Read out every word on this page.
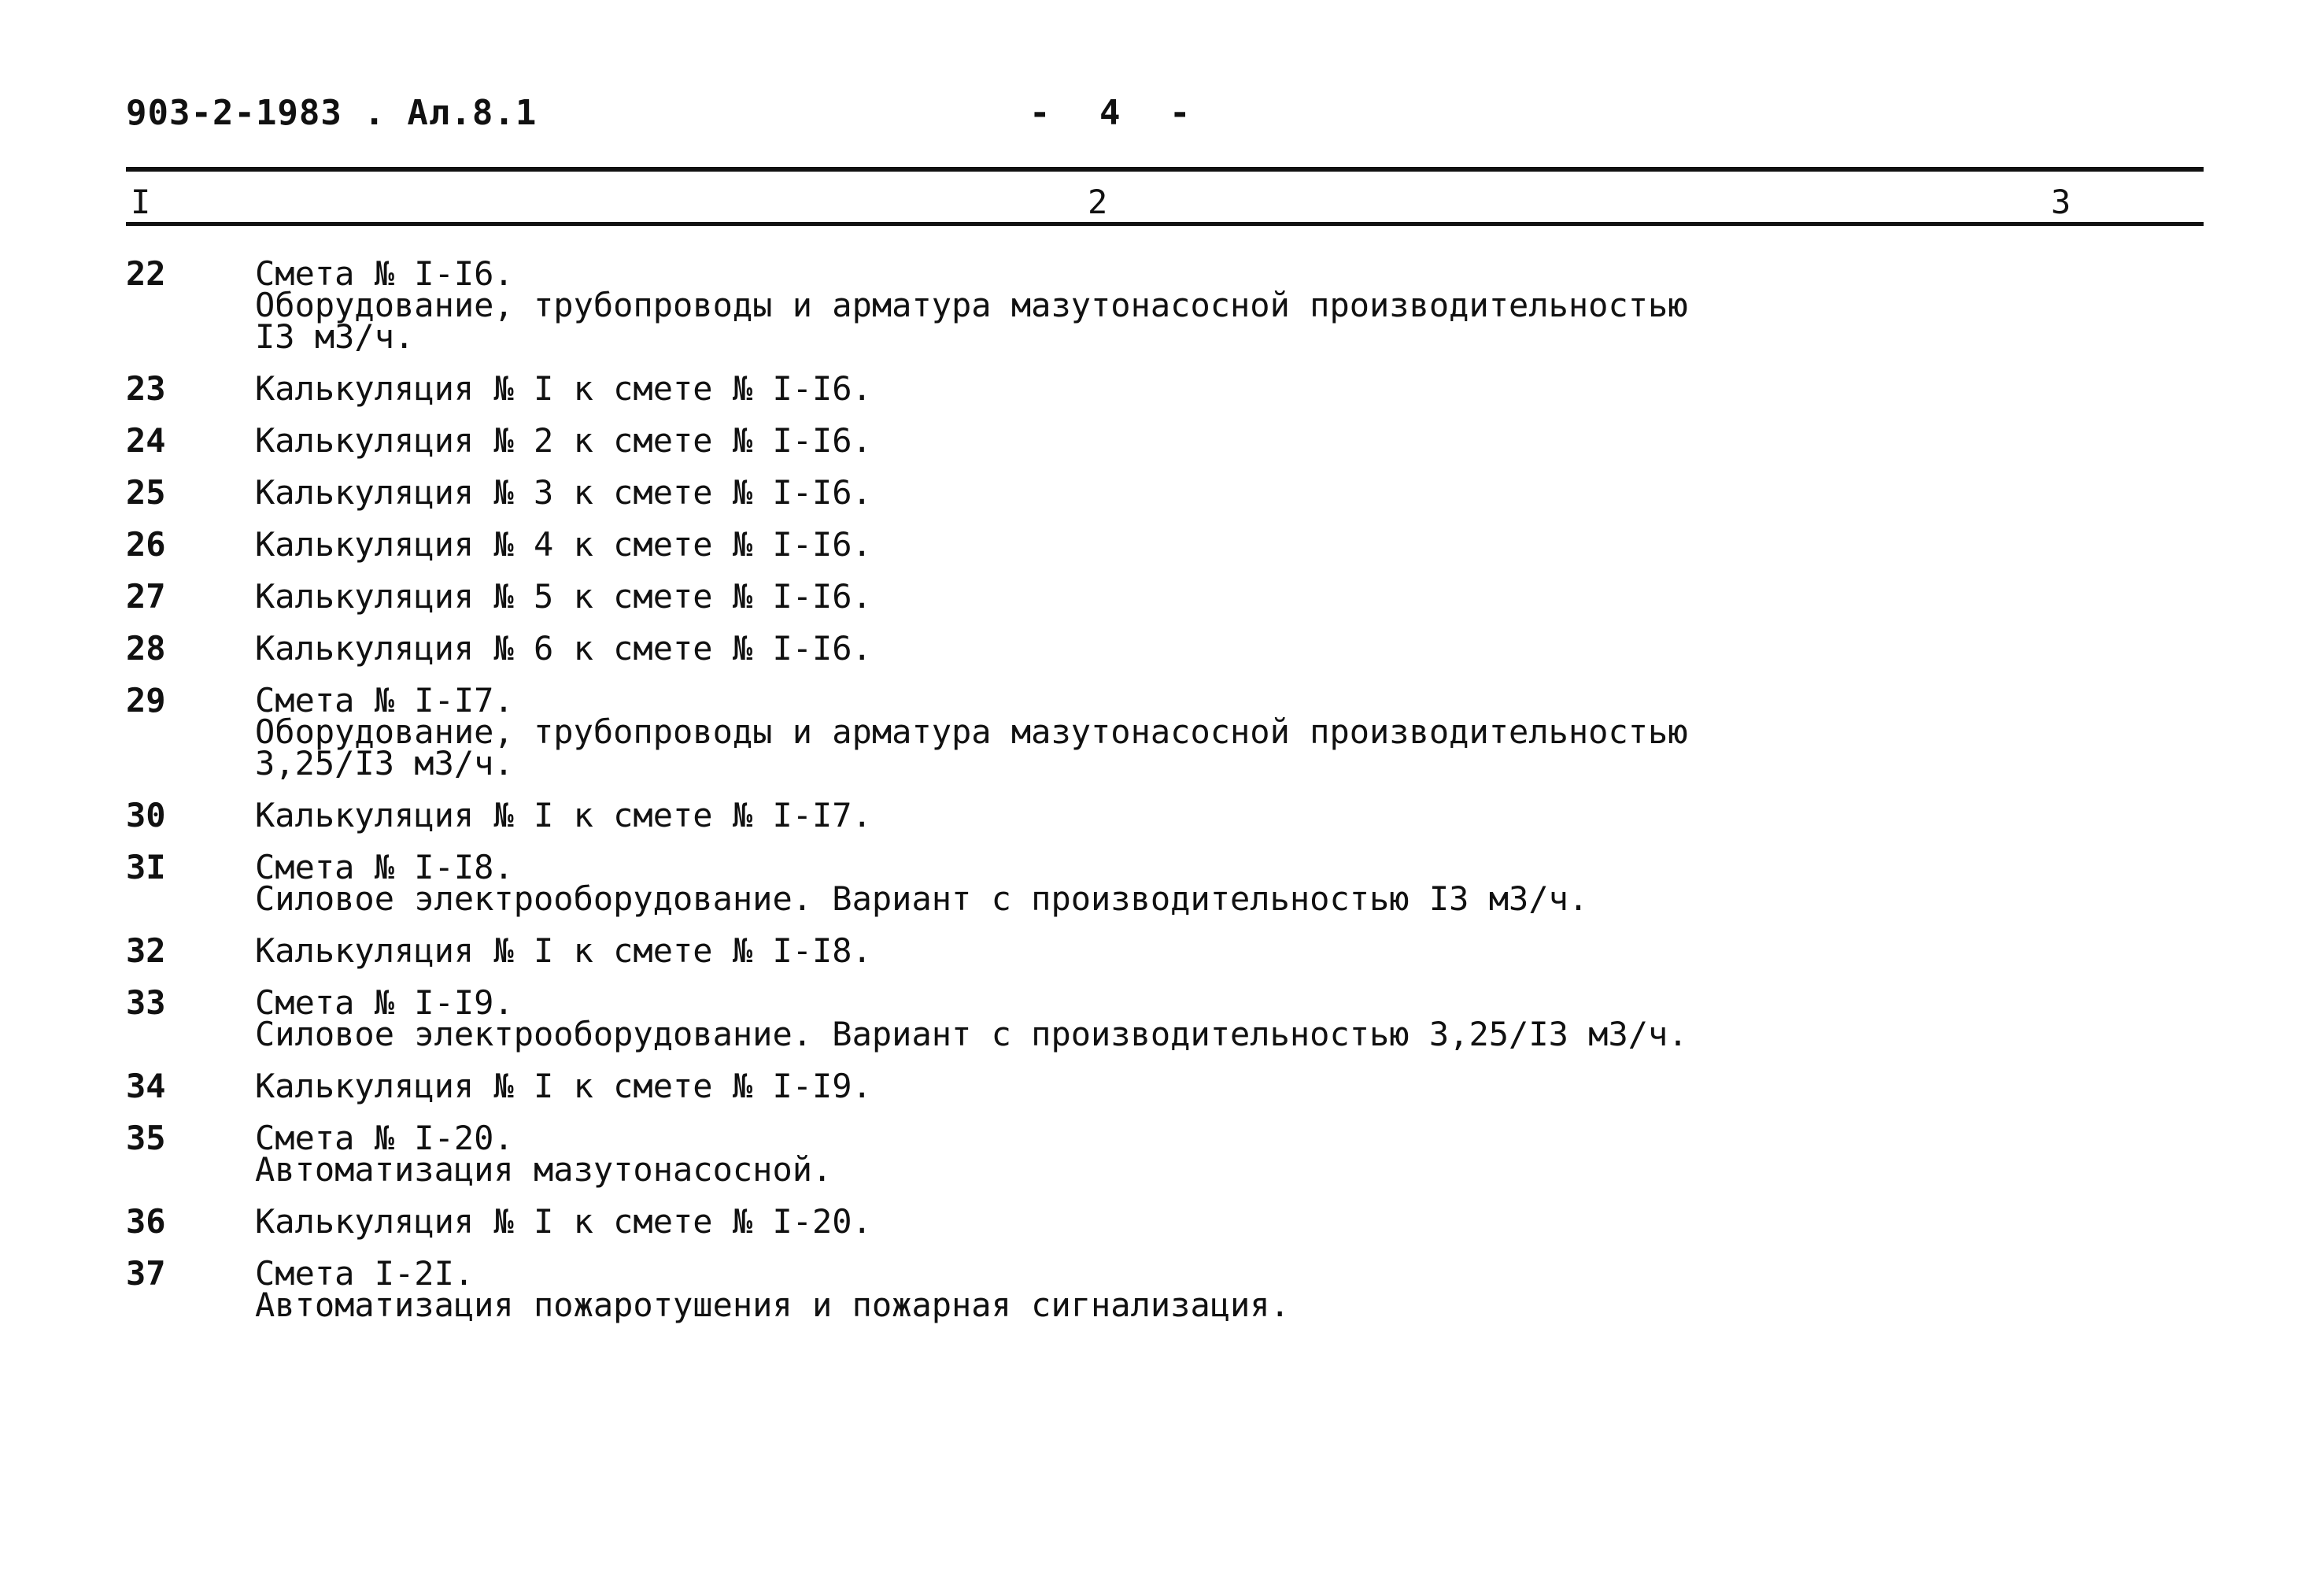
903-2-1983 . Ал.8.1	- 4 -
I	2	3
22	Смета № I-I6.
Оборудование, трубопроводы и арматура мазутонасосной производительностью
I3 м3/ч.
23	Калькуляция № I к смете № I-I6.
24	Калькуляция № 2 к смете № I-I6.
25	Калькуляция № 3 к смете № I-I6.
26	Калькуляция № 4 к смете № I-I6.
27	Калькуляция № 5 к смете № I-I6.
28	Калькуляция № 6 к смете № I-I6.
29	Смета № I-I7.
Оборудование, трубопроводы и арматура мазутонасосной производительностью
3,25/I3 м3/ч.
30	Калькуляция № I к смете № I-I7.
3I	Смета № I-I8.
Силовое электрооборудование. Вариант с производительностью I3 м3/ч.
32	Калькуляция № I к смете № I-I8.
33	Смета № I-I9.
Силовое электрооборудование. Вариант с производительностью 3,25/I3 м3/ч.
34	Калькуляция № I к смете № I-I9.
35	Смета № I-20.
Автоматизация мазутонасосной.
36	Калькуляция № I к смете № I-20.
37	Смета I-2I.
Автоматизация пожаротушения и пожарная сигнализация.
